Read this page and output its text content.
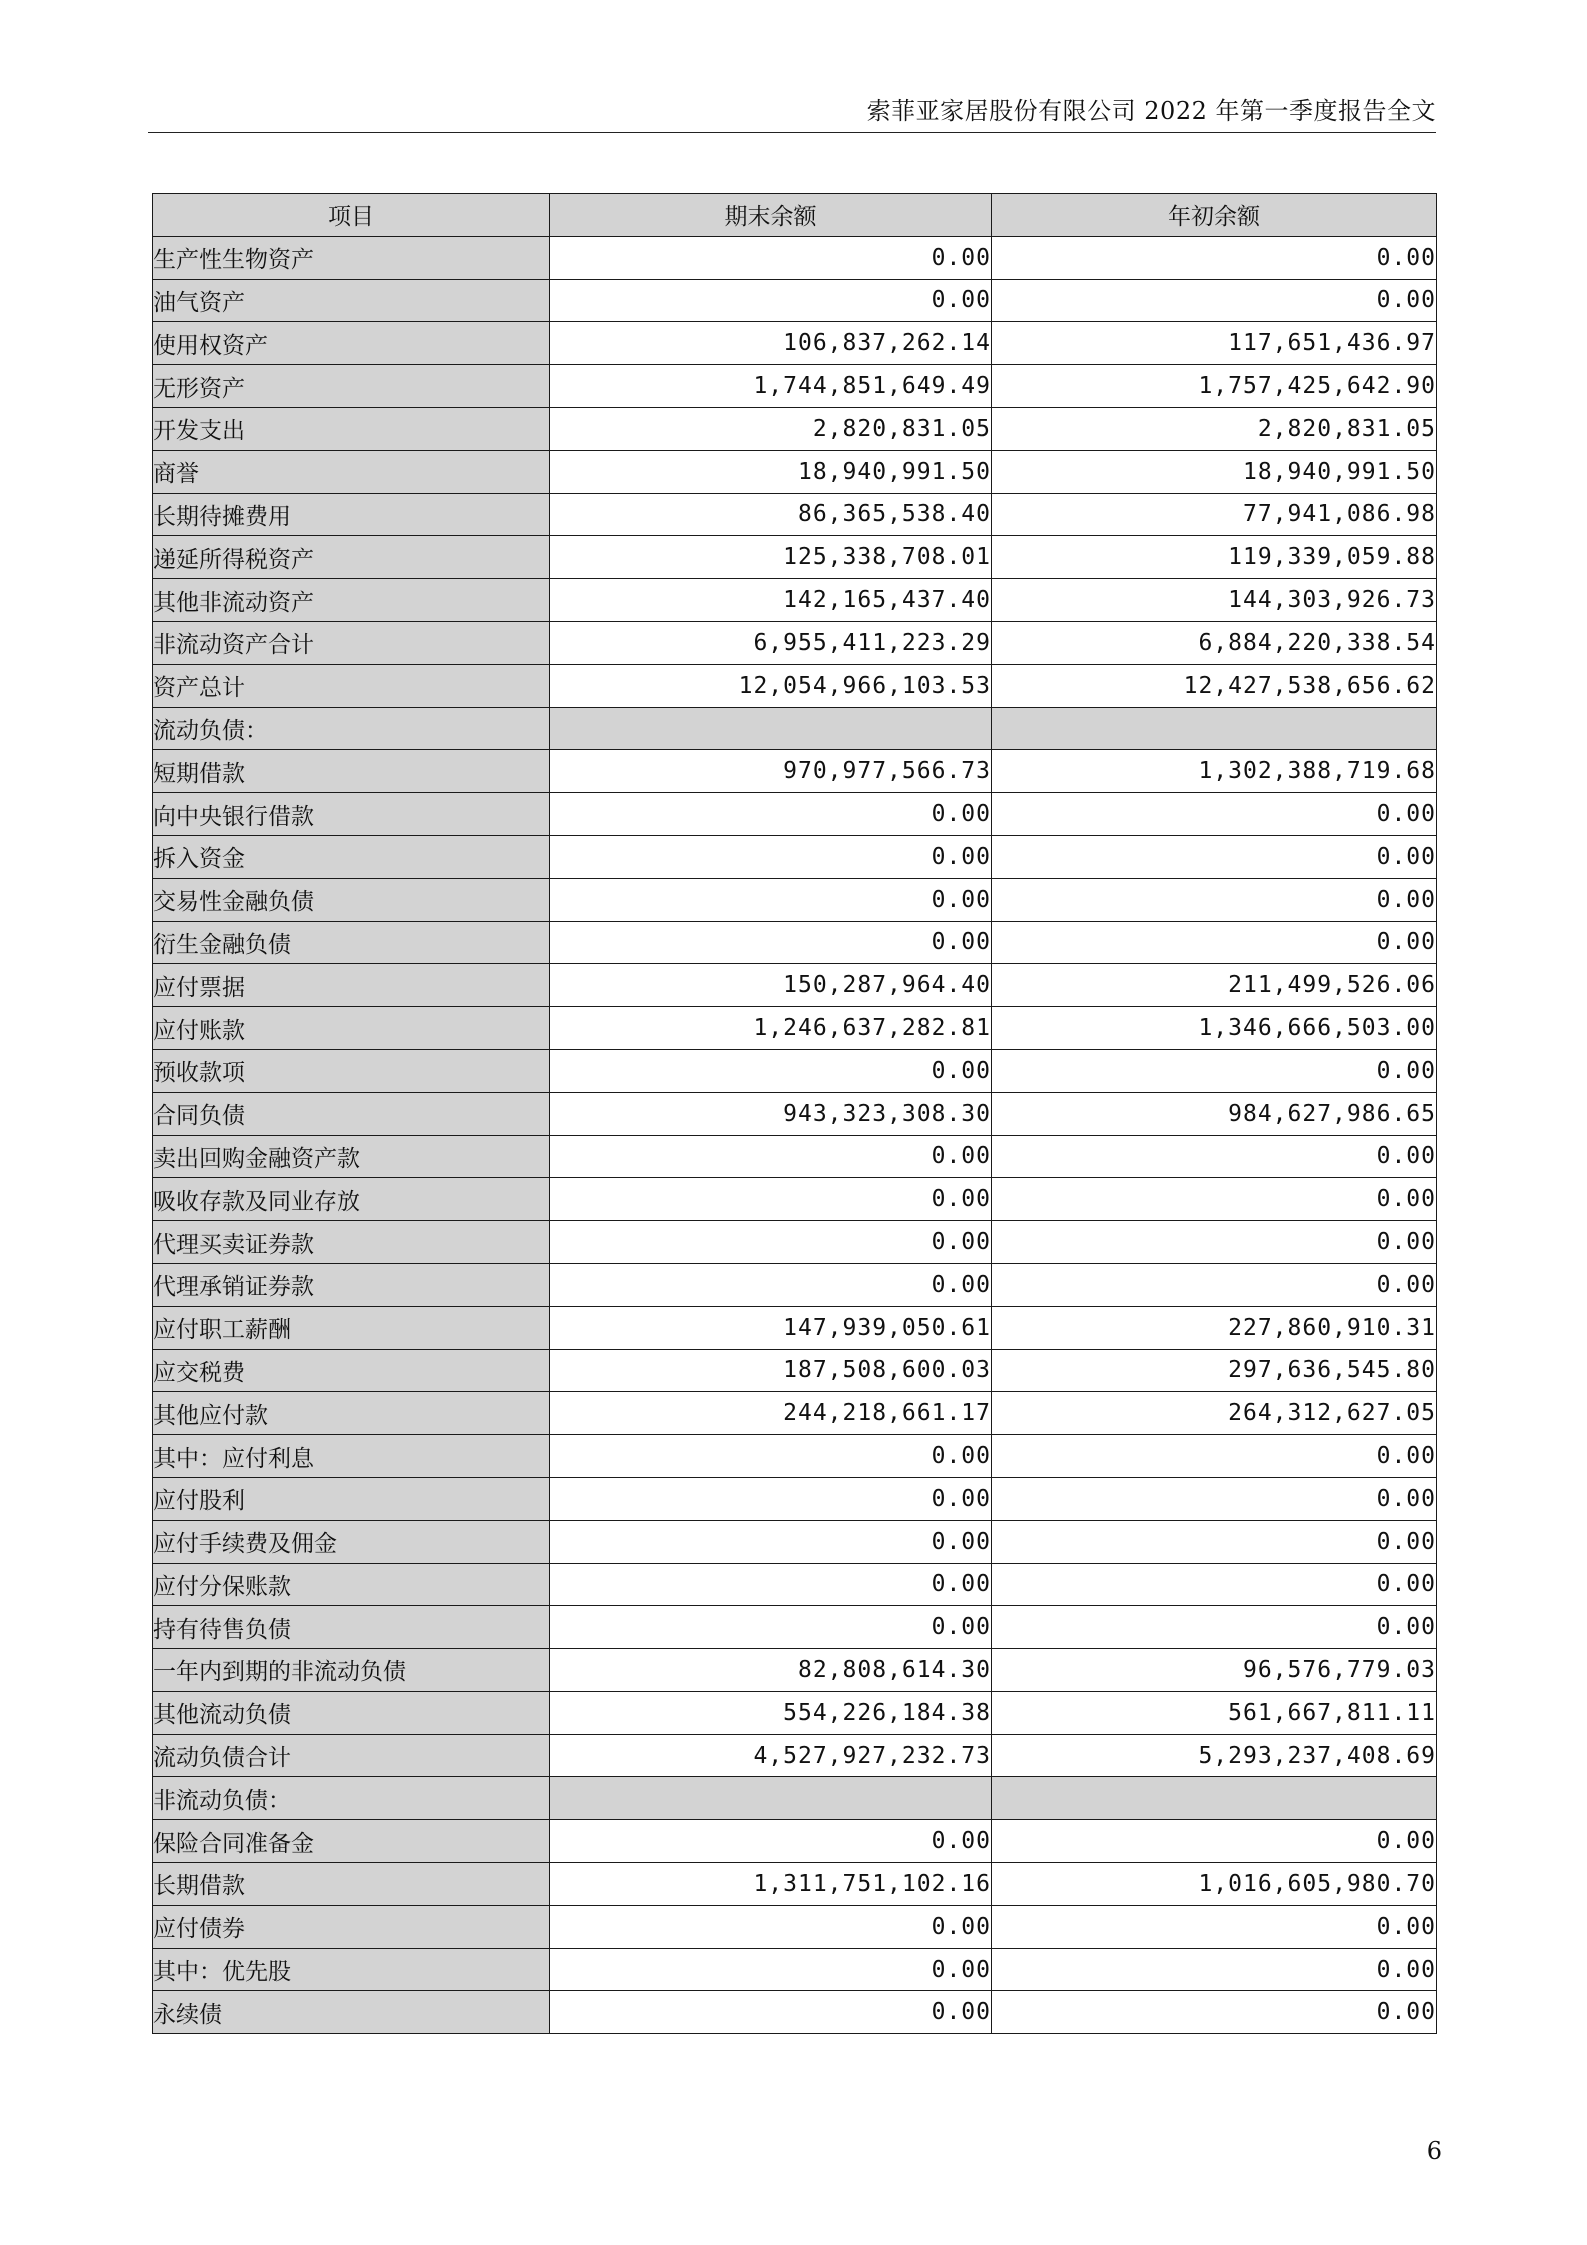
索菲亚家居股份有限公司 2022 年第一季度报告全文
项目	期末余额	年初余额
生产性生物资产	0.00	0.00
油气资产	0.00	0.00
使用权资产	106,837,262.14	117,651,436.97
无形资产	1,744,851,649.49	1,757,425,642.90
开发支出	2,820,831.05	2,820,831.05
商誉	18,940,991.50	18,940,991.50
长期待摊费用	86,365,538.40	77,941,086.98
递延所得税资产	125,338,708.01	119,339,059.88
其他非流动资产	142,165,437.40	144,303,926.73
非流动资产合计	6,955,411,223.29	6,884,220,338.54
资产总计	12,054,966,103.53	12,427,538,656.62
流动负债：		
短期借款	970,977,566.73	1,302,388,719.68
向中央银行借款	0.00	0.00
拆入资金	0.00	0.00
交易性金融负债	0.00	0.00
衍生金融负债	0.00	0.00
应付票据	150,287,964.40	211,499,526.06
应付账款	1,246,637,282.81	1,346,666,503.00
预收款项	0.00	0.00
合同负债	943,323,308.30	984,627,986.65
卖出回购金融资产款	0.00	0.00
吸收存款及同业存放	0.00	0.00
代理买卖证券款	0.00	0.00
代理承销证券款	0.00	0.00
应付职工薪酬	147,939,050.61	227,860,910.31
应交税费	187,508,600.03	297,636,545.80
其他应付款	244,218,661.17	264,312,627.05
其中：应付利息	0.00	0.00
应付股利	0.00	0.00
应付手续费及佣金	0.00	0.00
应付分保账款	0.00	0.00
持有待售负债	0.00	0.00
一年内到期的非流动负债	82,808,614.30	96,576,779.03
其他流动负债	554,226,184.38	561,667,811.11
流动负债合计	4,527,927,232.73	5,293,237,408.69
非流动负债：		
保险合同准备金	0.00	0.00
长期借款	1,311,751,102.16	1,016,605,980.70
应付债券	0.00	0.00
其中：优先股	0.00	0.00
永续债	0.00	0.00
6
